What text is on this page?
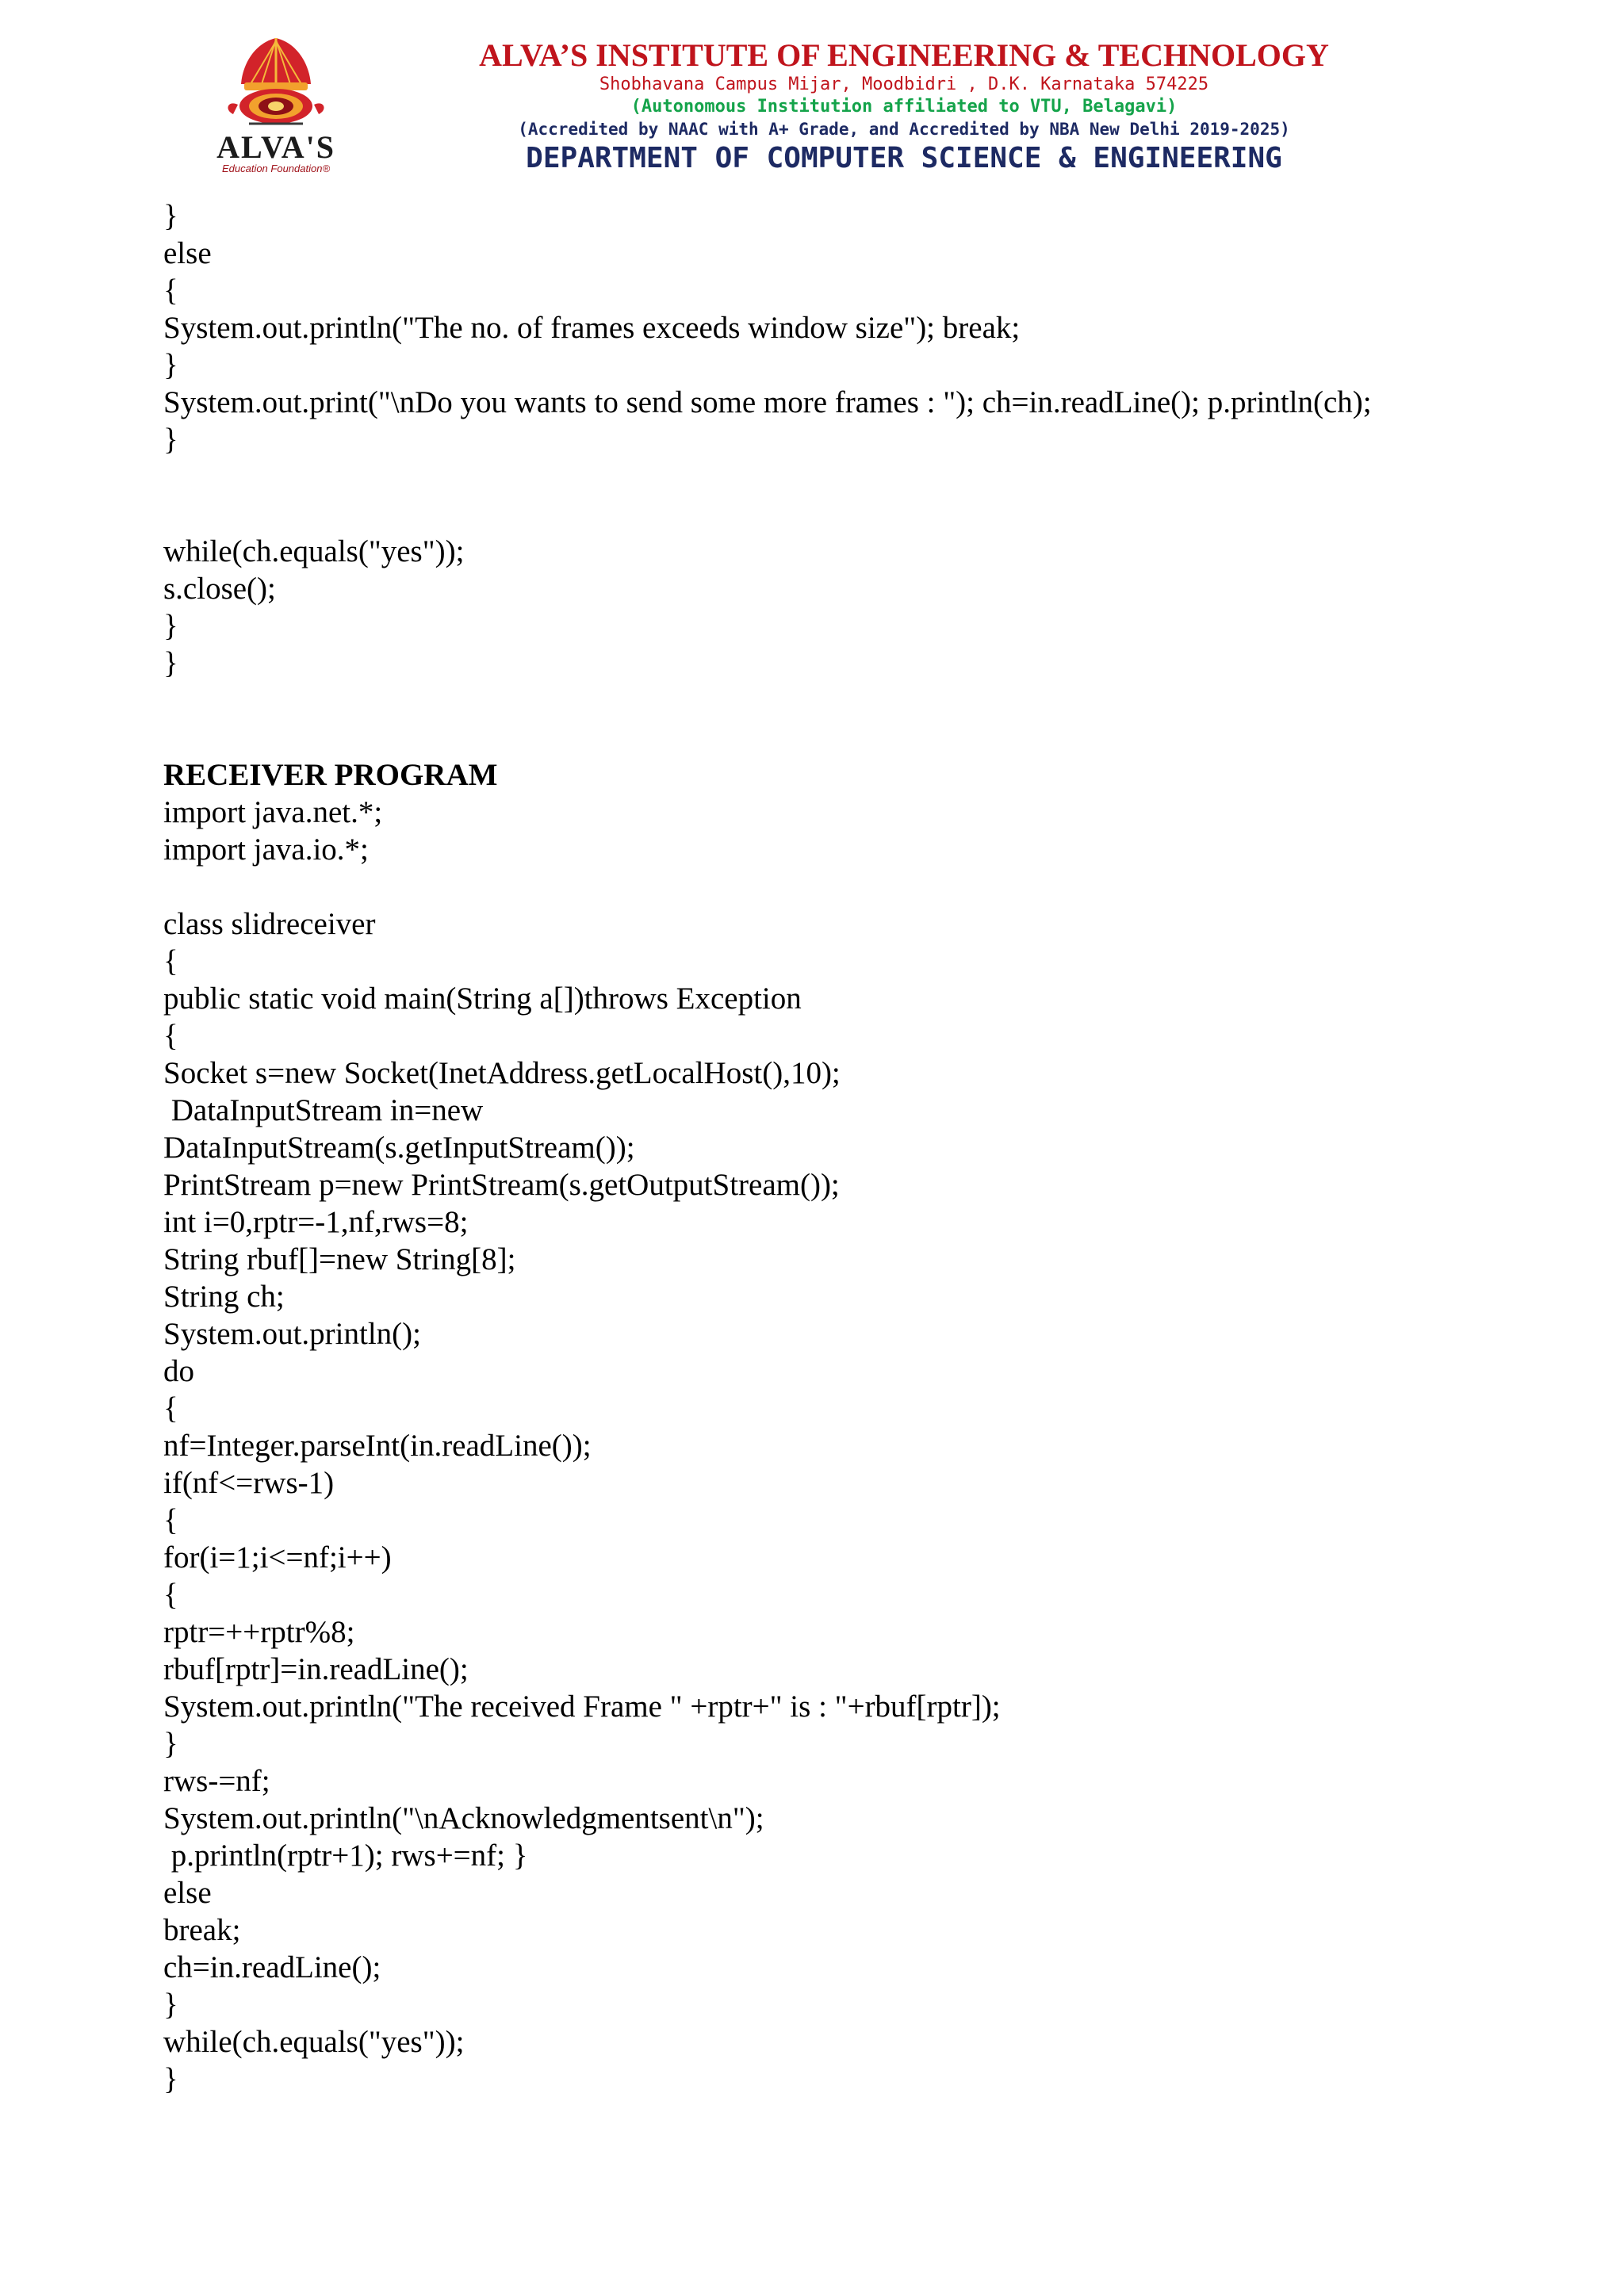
ALVA'S
Education Foundation®
ALVA’S INSTITUTE OF ENGINEERING & TECHNOLOGY
Shobhavana Campus Mijar, Moodbidri , D.K. Karnataka 574225
(Autonomous Institution affiliated to VTU, Belagavi)
(Accredited by NAAC with A+ Grade, and Accredited by NBA New Delhi 2019-2025)
DEPARTMENT OF COMPUTER SCIENCE & ENGINEERING
}
else
{
System.out.println("The no. of frames exceeds window size"); break;
}
System.out.print("\nDo you wants to send some more frames : "); ch=in.readLine(); p.println(ch);
}
while(ch.equals("yes"));
s.close();
}
}
RECEIVER PROGRAM
import java.net.*;
import java.io.*;
class slidreceiver
{
public static void main(String a[])throws Exception
{
Socket s=new Socket(InetAddress.getLocalHost(),10);
DataInputStream in=new
DataInputStream(s.getInputStream());
PrintStream p=new PrintStream(s.getOutputStream());
int i=0,rptr=-1,nf,rws=8;
String rbuf[]=new String[8];
String ch;
System.out.println();
do
{
nf=Integer.parseInt(in.readLine());
if(nf<=rws-1)
{
for(i=1;i<=nf;i++)
{
rptr=++rptr%8;
rbuf[rptr]=in.readLine();
System.out.println("The received Frame " +rptr+" is : "+rbuf[rptr]);
}
rws-=nf;
System.out.println("\nAcknowledgmentsent\n");
p.println(rptr+1); rws+=nf; }
else
break;
ch=in.readLine();
}
while(ch.equals("yes"));
}
